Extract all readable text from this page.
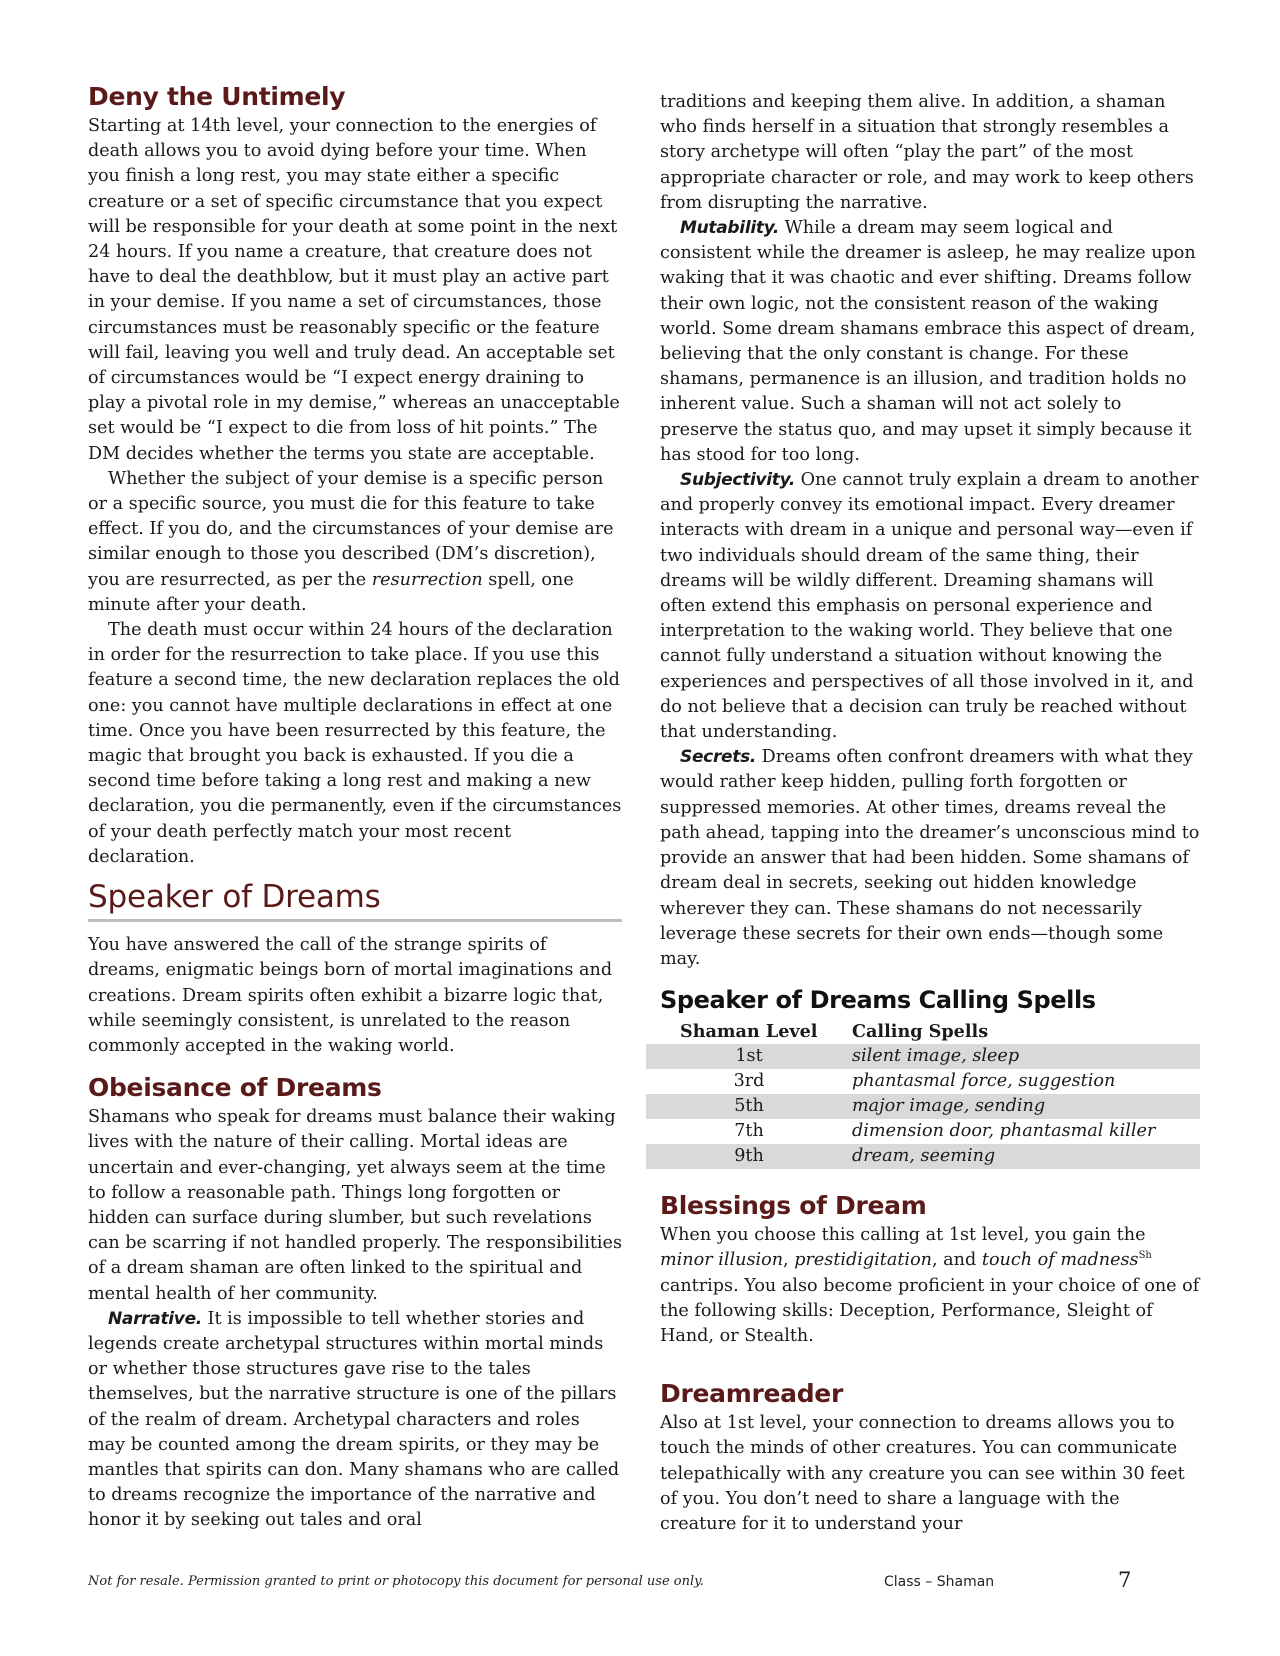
Deny the Untimely

Starting at 14th level, your connection to the energies of death allows you to avoid dying before your time. When you finish a long rest, you may state either a specific creature or a set of specific circumstance that you expect will be responsible for your death at some point in the next 24 hours. If you name a creature, that creature does not have to deal the deathblow, but it must play an active part in your demise. If you name a set of circumstances, those circumstances must be reasonably specific or the feature will fail, leaving you well and truly dead. An acceptable set of circumstances would be “I expect energy draining to play a pivotal role in my demise,” whereas an unacceptable set would be “I expect to die from loss of hit points.” The DM decides whether the terms you state are acceptable.

Whether the subject of your demise is a specific person or a specific source, you must die for this feature to take effect. If you do, and the circumstances of your demise are similar enough to those you described (DM’s discretion), you are resurrected, as per the resurrection spell, one minute after your death.

The death must occur within 24 hours of the declaration in order for the resurrection to take place. If you use this feature a second time, the new declaration replaces the old one: you cannot have multiple declarations in effect at one time. Once you have been resurrected by this feature, the magic that brought you back is exhausted. If you die a second time before taking a long rest and making a new declaration, you die permanently, even if the circumstances of your death perfectly match your most recent declaration.

Speaker of Dreams

You have answered the call of the strange spirits of dreams, enigmatic beings born of mortal imaginations and creations. Dream spirits often exhibit a bizarre logic that, while seemingly consistent, is unrelated to the reason commonly accepted in the waking world.

Obeisance of Dreams

Shamans who speak for dreams must balance their waking lives with the nature of their calling. Mortal ideas are uncertain and ever-changing, yet always seem at the time to follow a reasonable path. Things long forgotten or hidden can surface during slumber, but such revelations can be scarring if not handled properly. The responsibilities of a dream shaman are often linked to the spiritual and mental health of her community.

Narrative. It is impossible to tell whether stories and legends create archetypal structures within mortal minds or whether those structures gave rise to the tales themselves, but the narrative structure is one of the pillars of the realm of dream. Archetypal characters and roles may be counted among the dream spirits, or they may be mantles that spirits can don. Many shamans who are called to dreams recognize the importance of the narrative and honor it by seeking out tales and oral

traditions and keeping them alive. In addition, a shaman who finds herself in a situation that strongly resembles a story archetype will often “play the part” of the most appropriate character or role, and may work to keep others from disrupting the narrative.

Mutability. While a dream may seem logical and consistent while the dreamer is asleep, he may realize upon waking that it was chaotic and ever shifting. Dreams follow their own logic, not the consistent reason of the waking world. Some dream shamans embrace this aspect of dream, believing that the only constant is change. For these shamans, permanence is an illusion, and tradition holds no inherent value. Such a shaman will not act solely to preserve the status quo, and may upset it simply because it has stood for too long.

Subjectivity. One cannot truly explain a dream to another and properly convey its emotional impact. Every dreamer interacts with dream in a unique and personal way—even if two individuals should dream of the same thing, their dreams will be wildly different. Dreaming shamans will often extend this emphasis on personal experience and interpretation to the waking world. They believe that one cannot fully understand a situation without knowing the experiences and perspectives of all those involved in it, and do not believe that a decision can truly be reached without that understanding.

Secrets. Dreams often confront dreamers with what they would rather keep hidden, pulling forth forgotten or suppressed memories. At other times, dreams reveal the path ahead, tapping into the dreamer’s unconscious mind to provide an answer that had been hidden. Some shamans of dream deal in secrets, seeking out hidden knowledge wherever they can. These shamans do not necessarily leverage these secrets for their own ends—though some may.

Speaker of Dreams Calling Spells
Shaman Level	Calling Spells
1st	silent image, sleep
3rd	phantasmal force, suggestion
5th	major image, sending
7th	dimension door, phantasmal killer
9th	dream, seeming
Blessings of Dream

When you choose this calling at 1st level, you gain the minor illusion, prestidigitation, and touch of madness$^{Sh}$ cantrips. You also become proficient in your choice of one of the following skills: Deception, Performance, Sleight of Hand, or Stealth.

Dreamreader

Also at 1st level, your connection to dreams allows you to touch the minds of other creatures. You can communicate telepathically with any creature you can see within 30 feet of you. You don’t need to share a language with the creature for it to understand your

Not for resale. Permission granted to print or photocopy this document for personal use only.	Class – Shaman	7
